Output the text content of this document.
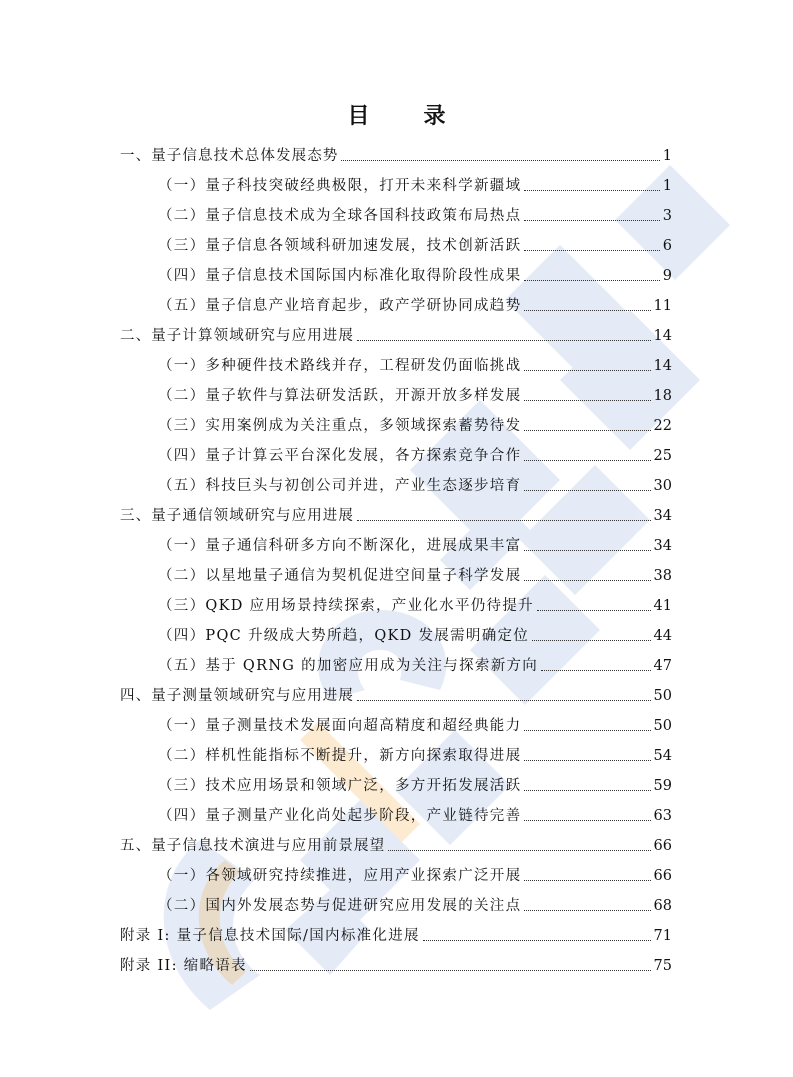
目　录
一、量子信息技术总体发展态势	1
（一）量子科技突破经典极限，打开未来科学新疆域	1
（二）量子信息技术成为全球各国科技政策布局热点	3
（三）量子信息各领域科研加速发展，技术创新活跃	6
（四）量子信息技术国际国内标准化取得阶段性成果	9
（五）量子信息产业培育起步，政产学研协同成趋势	11
二、量子计算领域研究与应用进展	14
（一）多种硬件技术路线并存，工程研发仍面临挑战	14
（二）量子软件与算法研发活跃，开源开放多样发展	18
（三）实用案例成为关注重点，多领域探索蓄势待发	22
（四）量子计算云平台深化发展，各方探索竞争合作	25
（五）科技巨头与初创公司并进，产业生态逐步培育	30
三、量子通信领域研究与应用进展	34
（一）量子通信科研多方向不断深化，进展成果丰富	34
（二）以星地量子通信为契机促进空间量子科学发展	38
（三）QKD 应用场景持续探索，产业化水平仍待提升	41
（四）PQC 升级成大势所趋，QKD 发展需明确定位	44
（五）基于 QRNG 的加密应用成为关注与探索新方向	47
四、量子测量领域研究与应用进展	50
（一）量子测量技术发展面向超高精度和超经典能力	50
（二）样机性能指标不断提升，新方向探索取得进展	54
（三）技术应用场景和领域广泛，多方开拓发展活跃	59
（四）量子测量产业化尚处起步阶段，产业链待完善	63
五、量子信息技术演进与应用前景展望	66
（一）各领域研究持续推进，应用产业探索广泛开展	66
（二）国内外发展态势与促进研究应用发展的关注点	68
附录 I: 量子信息技术国际/国内标准化进展	71
附录 II: 缩略语表	75
